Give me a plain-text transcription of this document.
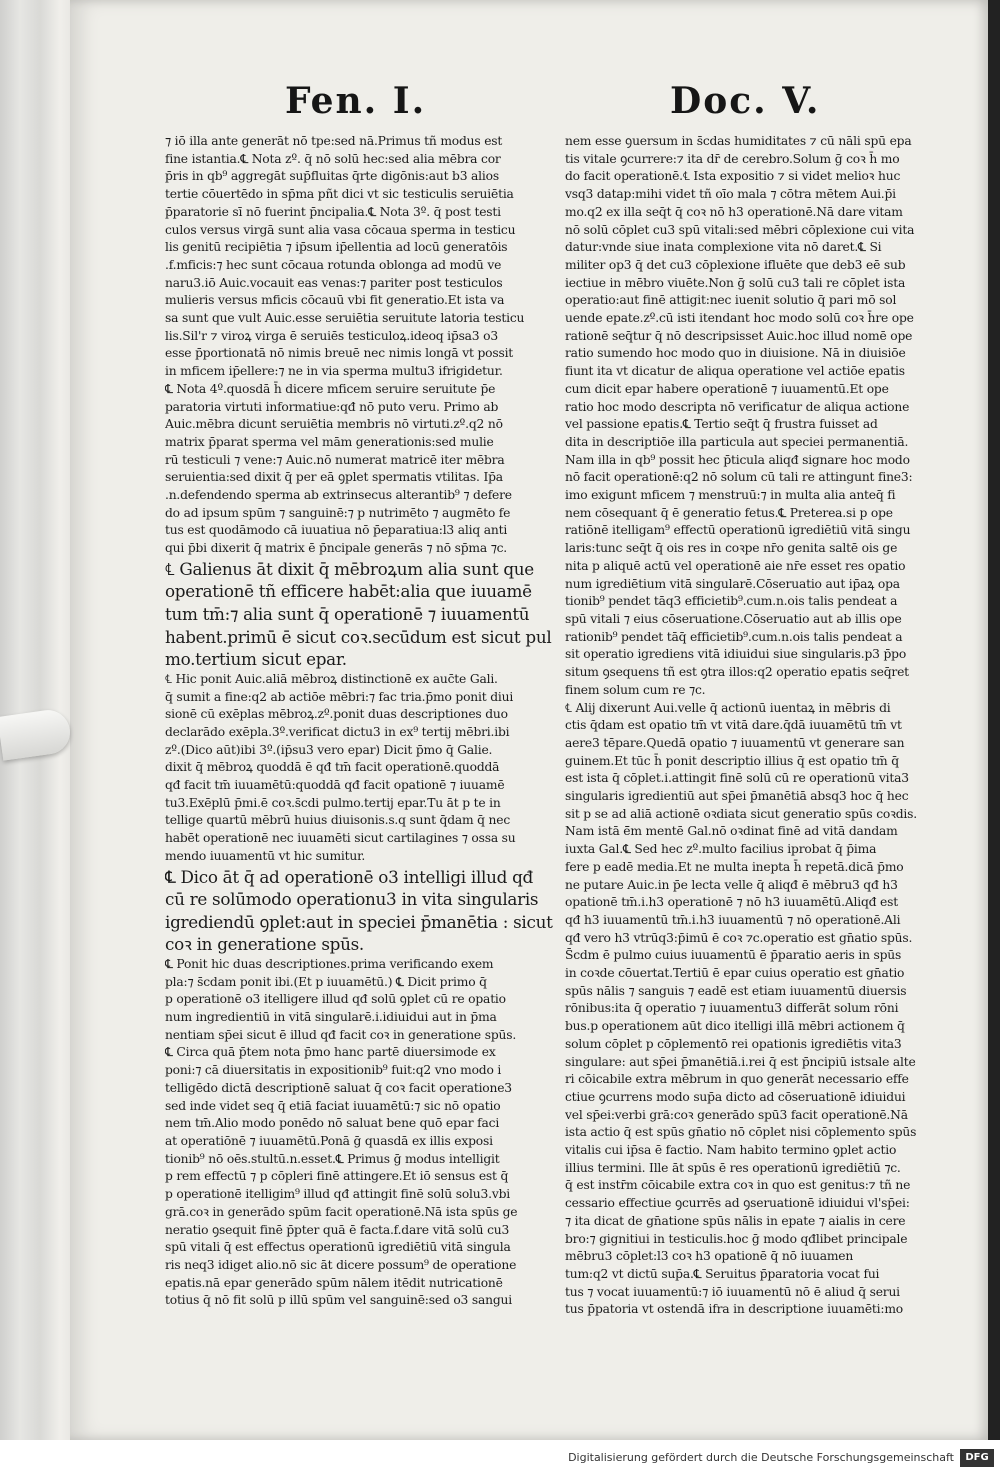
Fen. I.	Doc. V.
⁊ iō illa ante generāt nō tpe:sed nā.Primus tñ modus est
fine istantia.℄ Nota zº. q̄ nō solū hec:sed alia mēbra cor
p̄ris in qb⁹ aggregāt sup̄fluitas q̄rte digōnis:aut b3 alios
tertie cōuertēdo in sp̄ma pñt dici vt sic testiculis seruiētia
p̄paratorie sī nō fuerint p̄ncipalia.℄ Nota 3º. q̄ post testi
culos versus virgā sunt alia vasa cōcaua sperma in testicu
lis genitū recipiētia ⁊ ip̄sum ip̄ellentia ad locū generatōis
.f.mficis:⁊ hec sunt cōcaua rotunda oblonga ad modū ve
naru3.iō Auic.vocauit eas venas:⁊ pariter post testiculos
mulieris versus mficis cōcauū vbi fit generatio.Et ista va
sa sunt que vult Auic.esse seruiētia seruitute latoria testicu
lis.Sil'r ⁊ viroꝝ virga ē seruiēs testiculoꝝ.ideoq ip̄sa3 o3
esse p̄portionatā nō nimis breuē nec nimis longā vt possit
in mficem ip̄ellere:⁊ ne in via sperma multu3 ifrigidetur.
℄ Nota 4º.quosdā h̄ dicere mficem seruire seruitute p̄e
paratoria virtuti informatiue:qđ nō puto veru. Primo ab
Auic.mēbra dicunt seruiētia membris nō virtuti.zº.q2 nō
matrix p̄parat sperma vel mām generationis:sed mulie
rū testiculi ⁊ vene:⁊ Auic.nō numerat matricē iter mēbra
seruientia:sed dixit q̄ per eā ꝯplet spermatis vtilitas. Ip̄a
.n.defendendo sperma ab extrinsecus alterantib⁹ ⁊ defere
do ad ipsum spūm ⁊ sanguinē:⁊ p nutrimēto ⁊ augmēto fe
tus est quodāmodo cā iuuatiua nō p̄eparatiua:l3 aliq anti
qui p̄bi dixerit q̄ matrix ē p̄ncipale generās ⁊ nō sp̄ma ⁊c.
℄ Galienus āt dixit q̄ mēbroꝝum alia sunt que
operationē tñ efficere habēt:alia que iuuamē
tum tm̄:⁊ alia sunt q̄ operationē ⁊ iuuamentū
habent.primū ē sicut coꝛ.secūdum est sicut pul
mo.tertium sicut epar.
℄ Hic ponit Auic.aliā mēbroꝝ distinctionē ex auc̄te Gali.
q̄ sumit a fine:q2 ab actiōe mēbri:⁊ fac tria.p̄mo ponit diui
sionē cū exēplas mēbroꝝ.zº.ponit duas descriptiones duo
declarādo exēpla.3º.verificat dictu3 in ex⁹ tertij mēbri.ibi
zº.(Dico aūt)ibi 3º.(ip̄su3 vero epar) Dicit p̄mo q̄ Galie.
dixit q̄ mēbroꝝ quoddā ē qđ tm̄ facit operationē.quoddā
qđ facit tm̄ iuuamētū:quoddā qđ facit opationē ⁊ iuuamē
tu3.Exēplū p̄mi.ē coꝛ.s̄cdi pulmo.tertij epar.Tu āt p te in
tellige quartū mēbrū huius diuisonis.s.q sunt q̄dam q̄ nec
habēt operationē nec iuuamēti sicut cartilagines ⁊ ossa su
mendo iuuamentū vt hic sumitur.
℄ Dico āt q̄ ad operationē o3 intelligi illud qđ
cū re solūmodo operationu3 in vita singularis
igrediendū ꝯplet:aut in speciei p̄manētia : sicut
coꝛ in generatione spūs.
℄ Ponit hic duas descriptiones.prima verificando exem
pla:⁊ s̄cdam ponit ibi.(Et p iuuamētū.) ℄ Dicit primo q̄
p operationē o3 itelligere illud qđ solū ꝯplet cū re opatio
num ingredientiū in vitā singularē.i.idiuidui aut in p̄ma
nentiam sp̄ei sicut ē illud qđ facit coꝛ in generatione spūs.
℄ Circa quā p̄tem nota p̄mo hanc partē diuersimode ex
poni:⁊ cā diuersitatis in expositionib⁹ fuit:q2 vno modo i
telligēdo dictā descriptionē saluat q̄ coꝛ facit operatione3
sed inde videt seq q̄ etiā faciat iuuamētū:⁊ sic nō opatio
nem tm̄.Alio modo ponēdo nō saluat bene quō epar faci
at operatiōnē ⁊ iuuamētū.Ponā ḡ quasdā ex illis exposi
tionib⁹ nō oēs.stultū.n.esset.℄ Primus ḡ modus intelligit
p rem effectū ⁊ p cōpleri finē attingere.Et iō sensus est q̄
p operationē itelligim⁹ illud qđ attingit finē solū solu3.vbi
grā.coꝛ in generādo spūm facit operationē.Nā ista spūs ge
neratio ꝯsequit finē p̄pter quā ē facta.f.dare vitā solū cu3
spū vitali q̄ est effectus operationū igrediētiū vitā singula
ris neq3 idiget alio.nō sic āt dicere possum⁹ de operatione
epatis.nā epar generādo spūm nālem itēdit nutricationē
totius q̄ nō fit solū p illū spūm vel sanguinē:sed o3 sangui
nem esse ꝯuersum in s̄cdas humiditates ⁊ cū nāli spū epa
tis vitale ꝯcurrere:⁊ ita dr̄ de cerebro.Solum ḡ coꝛ h̄ mo
do facit operationē.℄ Ista expositio ⁊ si videt melioꝛ huc
vsq3 datap:mihi videt tñ oīo mala ⁊ cōtra mētem Aui.p̄i
mo.q2 ex illa seq̄t q̄ coꝛ nō h3 operationē.Nā dare vitam
nō solū cōplet cu3 spū vitali:sed mēbri cōplexione cui vita
datur:vnde siue inata complexione vita nō daret.℄ Si
militer op3 q̄ det cu3 cōplexione ifluēte que deb3 eē sub
iectiue in mēbro viuēte.Non ḡ solū cu3 tali re cōplet ista
operatio:aut finē attigit:nec iuenit solutio q̄ pari mō sol
uende epate.zº.cū isti itendant hoc modo solū coꝛ h̄re ope
rationē seq̄tur q̄ nō descripsisset Auic.hoc illud nomē ope
ratio sumendo hoc modo quo in diuisione. Nā in diuisiōe
fiunt ita vt dicatur de aliqua operatione vel actiōe epatis
cum dicit epar habere operationē ⁊ iuuamentū.Et ope
ratio hoc modo descripta nō verificatur de aliqua actione
vel passione epatis.℄ Tertio seq̄t q̄ frustra fuisset ad
dita in descriptiōe illa particula aut speciei permanentiā.
Nam illa in qb⁹ possit hec p̄ticula aliqđ signare hoc modo
nō facit operationē:q2 nō solum cū tali re attingunt fine3:
imo exigunt mficem ⁊ menstruū:⁊ in multa alia anteq̄ fi
nem cōsequant q̄ ē generatio fetus.℄ Preterea.si p ope
ratiōnē itelligam⁹ effectū operationū igrediētiū vitā singu
laris:tunc seq̄t q̄ ois res in coꝛpe nr̄o genita saltē ois ge
nita p aliquē actū vel operationē aie nr̄e esset res opatio
num igrediētium vitā singularē.Cōseruatio aut ip̄aꝝ opa
tionib⁹ pendet tāq3 efficietib⁹.cum.n.ois talis pendeat a
spū vitali ⁊ eius cōseruatione.Cōseruatio aut ab illis ope
rationib⁹ pendet tāq̄ efficietib⁹.cum.n.ois talis pendeat a
sit operatio igrediens vitā idiuidui siue singularis.p3 p̄po
situm ꝯsequens tñ est ꝯtra illos:q2 operatio epatis seq̄ret
finem solum cum re ⁊c.
℄ Alij dixerunt Aui.velle q̄ actionū iuentaꝝ in mēbris di
ctis q̄dam est opatio tm̄ vt vitā dare.q̄dā iuuamētū tm̄ vt
aere3 tēpare.Quedā opatio ⁊ iuuamentū vt generare san
guinem.Et tūc h̄ ponit descriptio illius q̄ est opatio tm̄ q̄
est ista q̄ cōplet.i.attingit finē solū cū re operationū vita3
singularis igredientiū aut sp̄ei p̄manētiā absq3 hoc q̄ hec
sit p se ad aliā actionē oꝛdiata sicut generatio spūs coꝛdis.
Nam istā ē̄m mentē Gal.nō oꝛdinat finē ad vitā dandam
iuxta Gal.℄ Sed hec zº.multo facilius iprobat q̄ p̄ima
fere p eadē media.Et ne multa inepta h̄ repetā.dicā p̄mo
ne putare Auic.in p̄e lecta velle q̄ aliqđ ē mēbru3 qđ h3
opationē tm̄.i.h3 operationē ⁊ nō h3 iuuamētū.Aliqđ est
qđ h3 iuuamentū tm̄.i.h3 iuuamentū ⁊ nō operationē.Ali
qđ vero h3 vtrūq3:p̄imū ē coꝛ ⁊c.operatio est gn̄atio spūs.
S̄cdm ē pulmo cuius iuuamentū ē p̄paratio aeris in spūs
in coꝛde cōuertat.Tertiū ē epar cuius operatio est gn̄atio
spūs nālis ⁊ sanguis ⁊ eadē est etiam iuuamentū diuersis
rōnibus:ita q̄ operatio ⁊ iuuamentu3 differāt solum rōni
bus.p operationem aūt dico itelligi illā mēbri actionem q̄
solum cōplet p cōplementō rei opationis igrediētis vita3
singulare: aut sp̄ei p̄manētiā.i.rei q̄ est p̄ncipiū istsale alte
ri cōicabile extra mēbrum in quo generāt necessario effe
ctiue ꝯcurrens modo sup̄a dicto ad cōseruationē idiuidui
vel sp̄ei:verbi grā:coꝛ generādo spū3 facit operationē.Nā
ista actio q̄ est spūs gn̄atio nō cōplet nisi cōplemento spūs
vitalis cui ip̄sa ē factio. Nam habito termino ꝯplet actio
illius termini. Ille āt spūs ē res operationū igrediētiū ⁊c.
q̄ est instr̄m cōicabile extra coꝛ in quo est genitus:⁊ tñ ne
cessario effectiue ꝯcurrēs ad ꝯseruationē idiuidui vl'sp̄ei:
⁊ ita dicat de gn̄atione spūs nālis in epate ⁊ aialis in cere
bro:⁊ gignitiui in testiculis.hoc ḡ modo qđlibet principale
mēbru3 cōplet:l3 coꝛ h3 opationē q̄ nō iuuamen
tum:q2 vt dictū sup̄a.℄ Seruitus p̄paratoria vocat fui
tus ⁊ vocat iuuamentū:⁊ iō iuuamentū nō ē aliud q̄ serui
tus p̄patoria vt ostendā ifra in descriptione iuuamēti:mo
Digitalisierung gefördert durch die Deutsche Forschungsgemeinschaft	DFG
